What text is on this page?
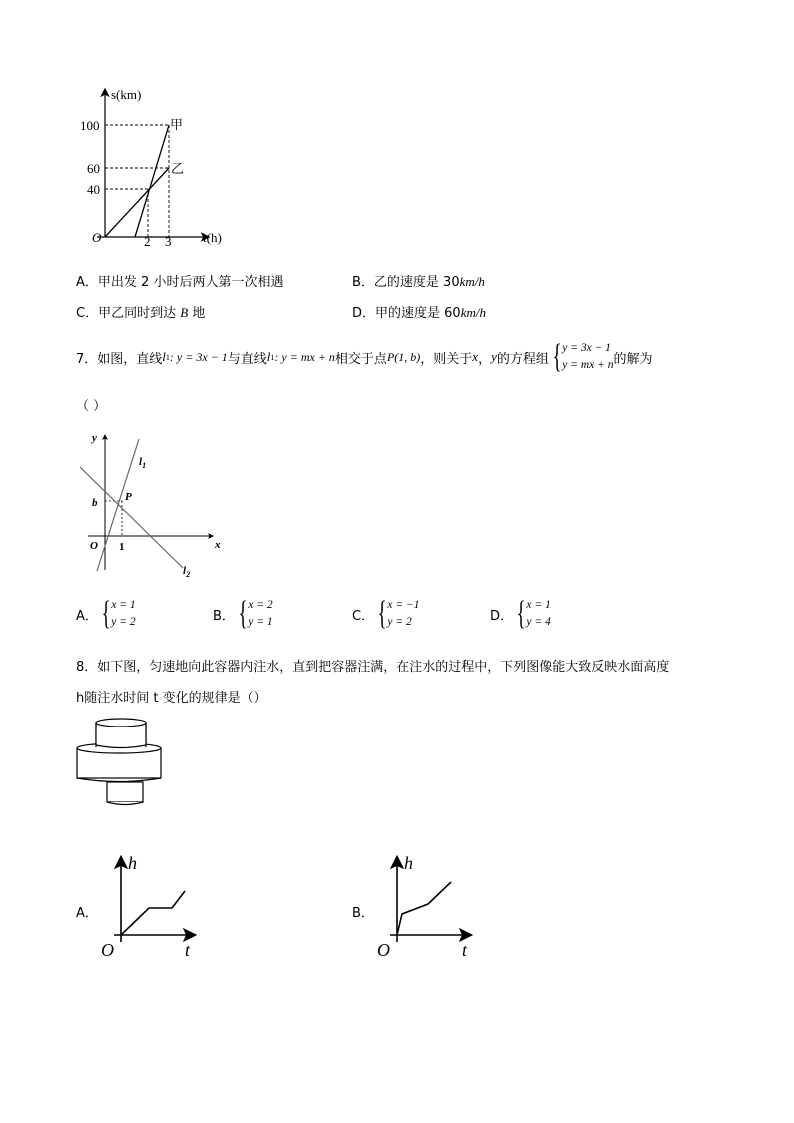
s(km)
t(h)
O
100
60
40
2 3
甲
乙
A．甲出发 2 小时后两人第一次相遇	B．乙的速度是 30km/h
C．甲乙同时到达 B 地	D．甲的速度是 60km/h
7． 如图，直线 l 1 : y = 3x − 1 与直线 l 1 : y = mx + n 相交于点 P(1, b) ，则关于 x ， y 的方程组 { y = 3x − 1
y = mx + n 的解为
（ ）
y
x
O
b
1
P
$l_1$
$l_2$
A． { x = 1
y = 2	B． { x = 2
y = 1	C． { x = −1
y = 2	D． { x = 1
y = 4
8．如下图，匀速地向此容器内注水，直到把容器注满，在注水的过程中，下列图像能大致反映水面高度
h随注水时间 t 变化的规律是（）
A．
h
t
O
B．
h
t
O
